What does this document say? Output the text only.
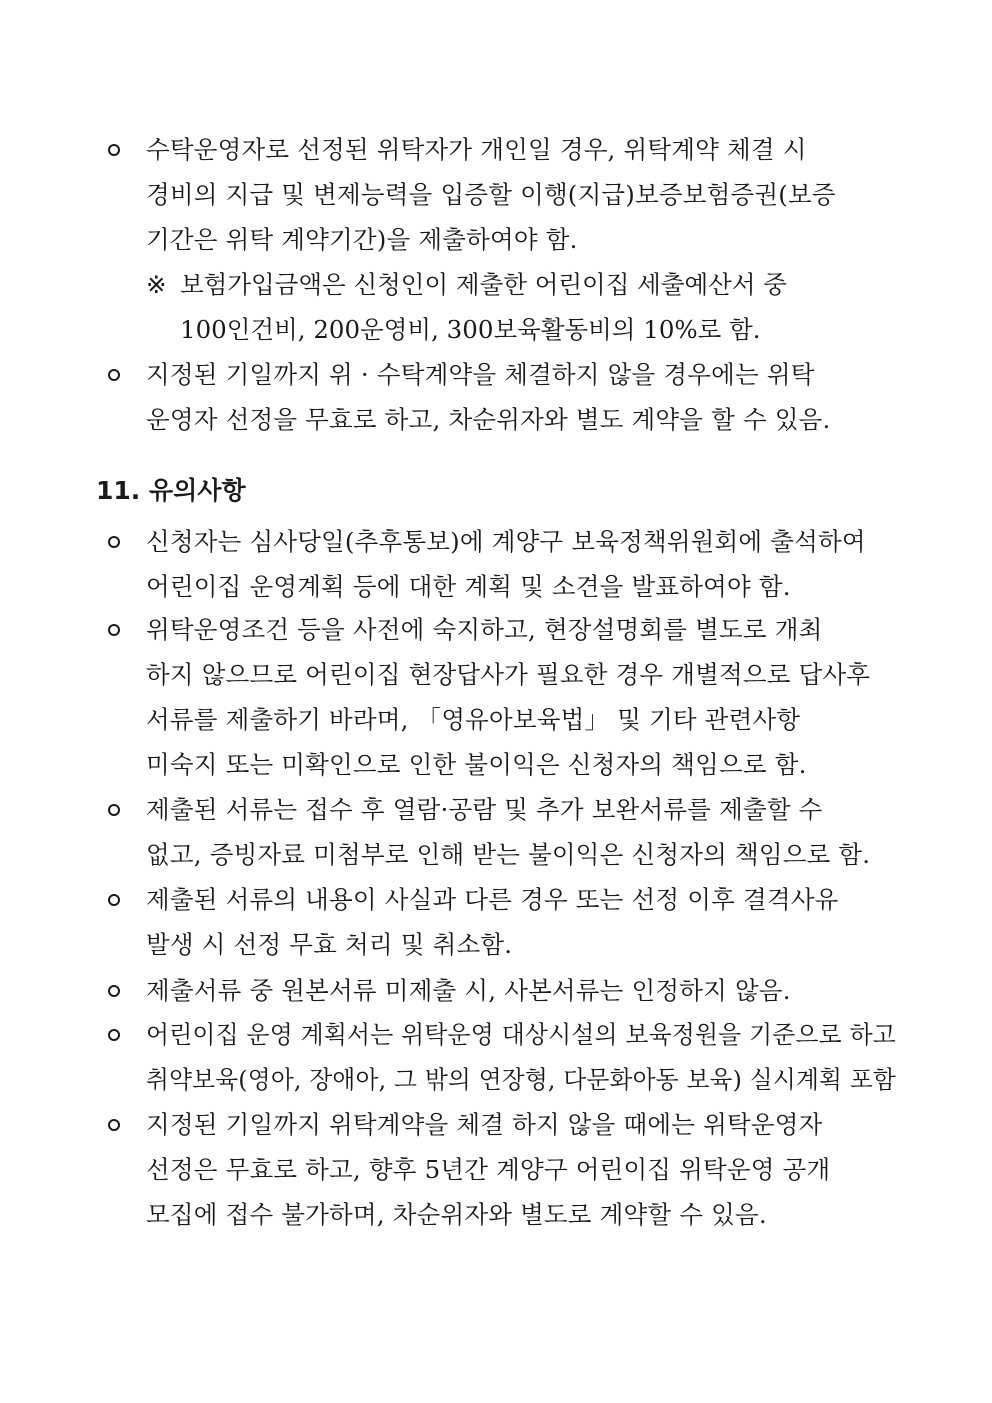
수탁운영자로 선정된 위탁자가 개인일 경우, 위탁계약 체결 시
경비의 지급 및 변제능력을 입증할 이행(지급)보증보험증권(보증
기간은 위탁 계약기간)을 제출하여야 함.
※ 보험가입금액은 신청인이 제출한 어린이집 세출예산서 중
100인건비, 200운영비, 300보육활동비의 10%로 함.
지정된 기일까지 위 · 수탁계약을 체결하지 않을 경우에는 위탁
운영자 선정을 무효로 하고, 차순위자와 별도 계약을 할 수 있음.
11. 유의사항
신청자는 심사당일(추후통보)에 계양구 보육정책위원회에 출석하여
어린이집 운영계획 등에 대한 계획 및 소견을 발표하여야 함.
위탁운영조건 등을 사전에 숙지하고, 현장설명회를 별도로 개최
하지 않으므로 어린이집 현장답사가 필요한 경우 개별적으로 답사후
서류를 제출하기 바라며, 「영유아보육법」 및 기타 관련사항
미숙지 또는 미확인으로 인한 불이익은 신청자의 책임으로 함.
제출된 서류는 접수 후 열람·공람 및 추가 보완서류를 제출할 수
없고, 증빙자료 미첨부로 인해 받는 불이익은 신청자의 책임으로 함.
제출된 서류의 내용이 사실과 다른 경우 또는 선정 이후 결격사유
발생 시 선정 무효 처리 및 취소함.
제출서류 중 원본서류 미제출 시, 사본서류는 인정하지 않음.
어린이집 운영 계획서는 위탁운영 대상시설의 보육정원을 기준으로 하고
취약보육(영아, 장애아, 그 밖의 연장형, 다문화아동 보육) 실시계획 포함
지정된 기일까지 위탁계약을 체결 하지 않을 때에는 위탁운영자
선정은 무효로 하고, 향후 5년간 계양구 어린이집 위탁운영 공개
모집에 접수 불가하며, 차순위자와 별도로 계약할 수 있음.
